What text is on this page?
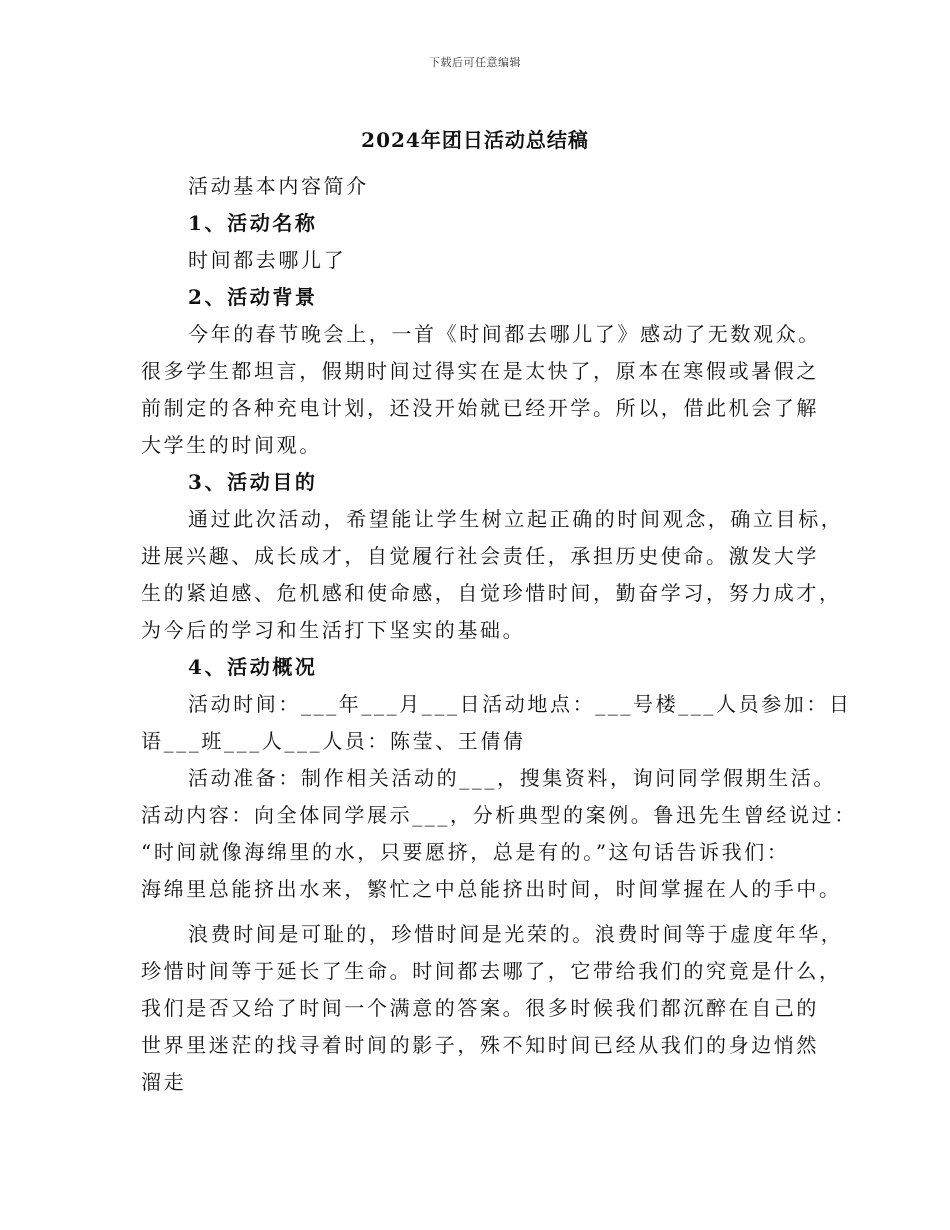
下载后可任意编辑
2024年团日活动总结稿
活动基本内容简介
1、活动名称
时间都去哪儿了
2、活动背景
今年的春节晚会上，一首《时间都去哪儿了》感动了无数观众。
很多学生都坦言，假期时间过得实在是太快了，原本在寒假或暑假之
前制定的各种充电计划，还没开始就已经开学。所以，借此机会了解
大学生的时间观。
3、活动目的
通过此次活动，希望能让学生树立起正确的时间观念，确立目标，
进展兴趣、成长成才，自觉履行社会责任，承担历史使命。激发大学
生的紧迫感、危机感和使命感，自觉珍惜时间，勤奋学习，努力成才，
为今后的学习和生活打下坚实的基础。
4、活动概况
活动时间：___年___月___日活动地点：___号楼___人员参加：日
语___班___人___人员：陈莹、王倩倩
活动准备：制作相关活动的___，搜集资料，询问同学假期生活。
活动内容：向全体同学展示___，分析典型的案例。鲁迅先生曾经说过：
“时间就像海绵里的水，只要愿挤，总是有的。”这句话告诉我们：
海绵里总能挤出水来，繁忙之中总能挤出时间，时间掌握在人的手中。
浪费时间是可耻的，珍惜时间是光荣的。浪费时间等于虚度年华，
珍惜时间等于延长了生命。时间都去哪了，它带给我们的究竟是什么，
我们是否又给了时间一个满意的答案。很多时候我们都沉醉在自己的
世界里迷茫的找寻着时间的影子，殊不知时间已经从我们的身边悄然
溜走
